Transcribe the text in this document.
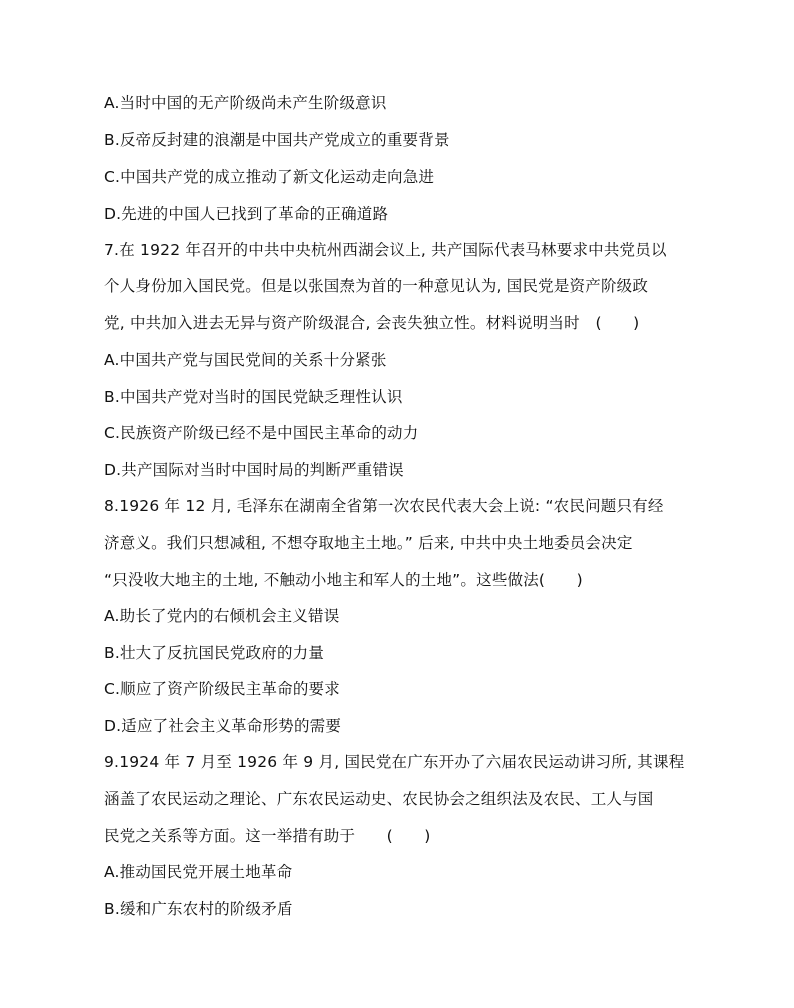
A.当时中国的无产阶级尚未产生阶级意识
B.反帝反封建的浪潮是中国共产党成立的重要背景
C.中国共产党的成立推动了新文化运动走向急进
D.先进的中国人已找到了革命的正确道路
7.在 1922 年召开的中共中央杭州西湖会议上, 共产国际代表马林要求中共党员以
个人身份加入国民党。但是以张国焘为首的一种意见认为, 国民党是资产阶级政
党, 中共加入进去无异与资产阶级混合, 会丧失独立性。材料说明当时　(　　)
A.中国共产党与国民党间的关系十分紧张
B.中国共产党对当时的国民党缺乏理性认识
C.民族资产阶级已经不是中国民主革命的动力
D.共产国际对当时中国时局的判断严重错误
8.1926 年 12 月, 毛泽东在湖南全省第一次农民代表大会上说: “农民问题只有经
济意义。我们只想减租, 不想夺取地主土地。” 后来, 中共中央土地委员会决定
“只没收大地主的土地, 不触动小地主和军人的土地”。这些做法(　　)
A.助长了党内的右倾机会主义错误
B.壮大了反抗国民党政府的力量
C.顺应了资产阶级民主革命的要求
D.适应了社会主义革命形势的需要
9.1924 年 7 月至 1926 年 9 月, 国民党在广东开办了六届农民运动讲习所, 其课程
涵盖了农民运动之理论、广东农民运动史、农民协会之组织法及农民、工人与国
民党之关系等方面。这一举措有助于　　(　　)
A.推动国民党开展土地革命
B.缓和广东农村的阶级矛盾
